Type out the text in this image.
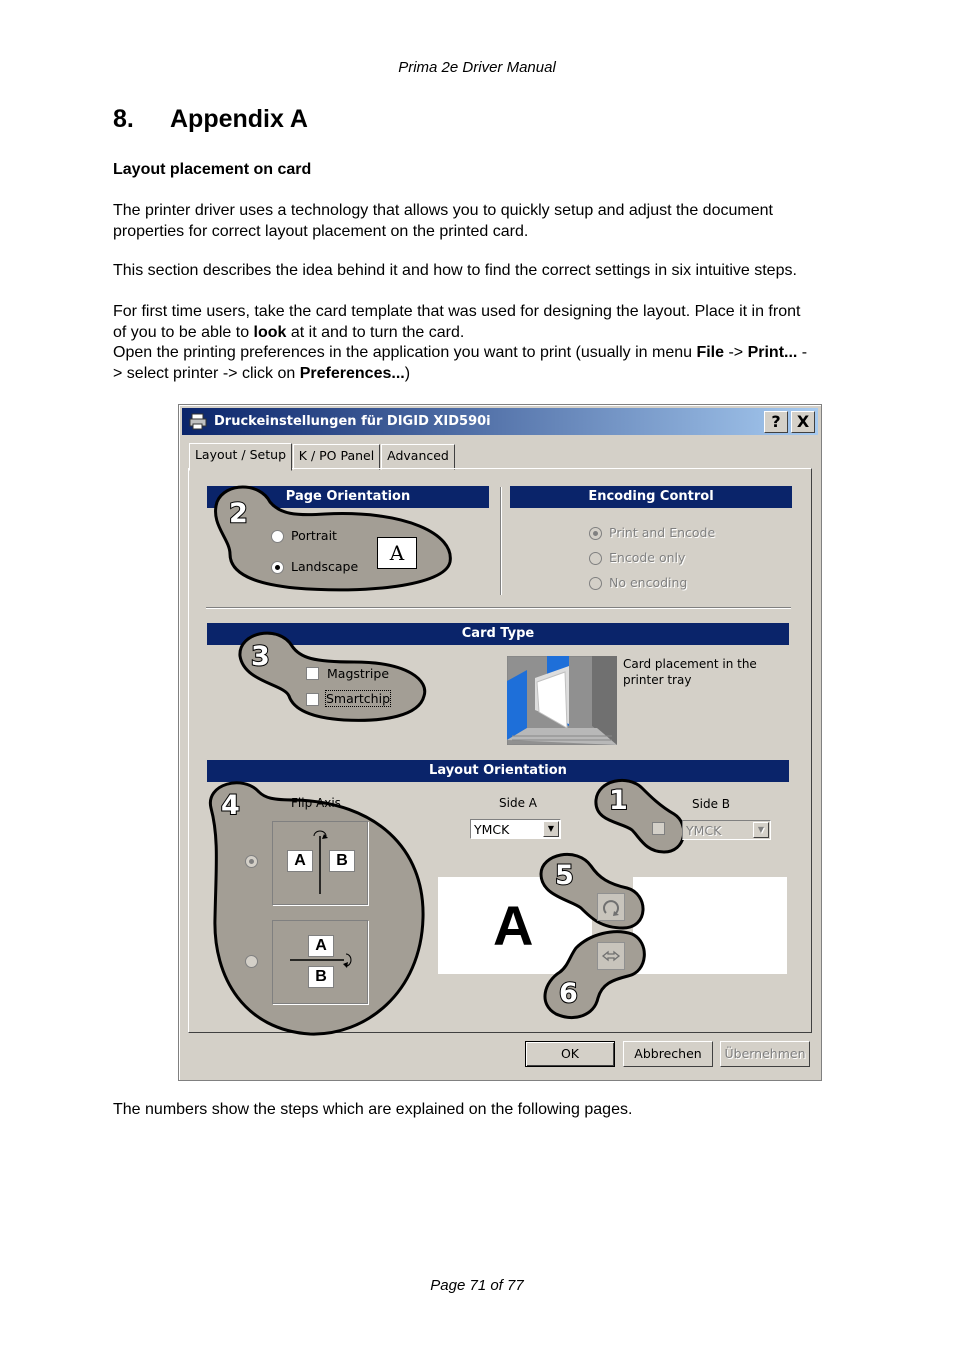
Prima 2e Driver Manual
8. Appendix A
Layout placement on card
The printer driver uses a technology that allows you to quickly setup and adjust the document
properties for correct layout placement on the printed card.
This section describes the idea behind it and how to find the correct settings in six intuitive steps.
For first time users, take the card template that was used for designing the layout. Place it in front
of you to be able to look at it and to turn the card.
Open the printing preferences in the application you want to print (usually in menu File -> Print... -
> select printer -> click on Preferences...)
Druckeinstellungen für DIGID XID590i	?	X
Layout / Setup	K / PO Panel	Advanced
Encoding Control
Print and Encode
Encode only
No encoding
Page Orientation
2
Portrait
Landscape
A
Card Type
3
Magstripe
Smartchip
Card placement in the
printer tray
Layout Orientation
4	Flip Axis
A	B
A
B
Side A
YMCK	▼
1	Side B
YMCK	▼
A
5
6
OK	Abbrechen	Übernehmen
The numbers show the steps which are explained on the following pages.
Page 71 of 77
